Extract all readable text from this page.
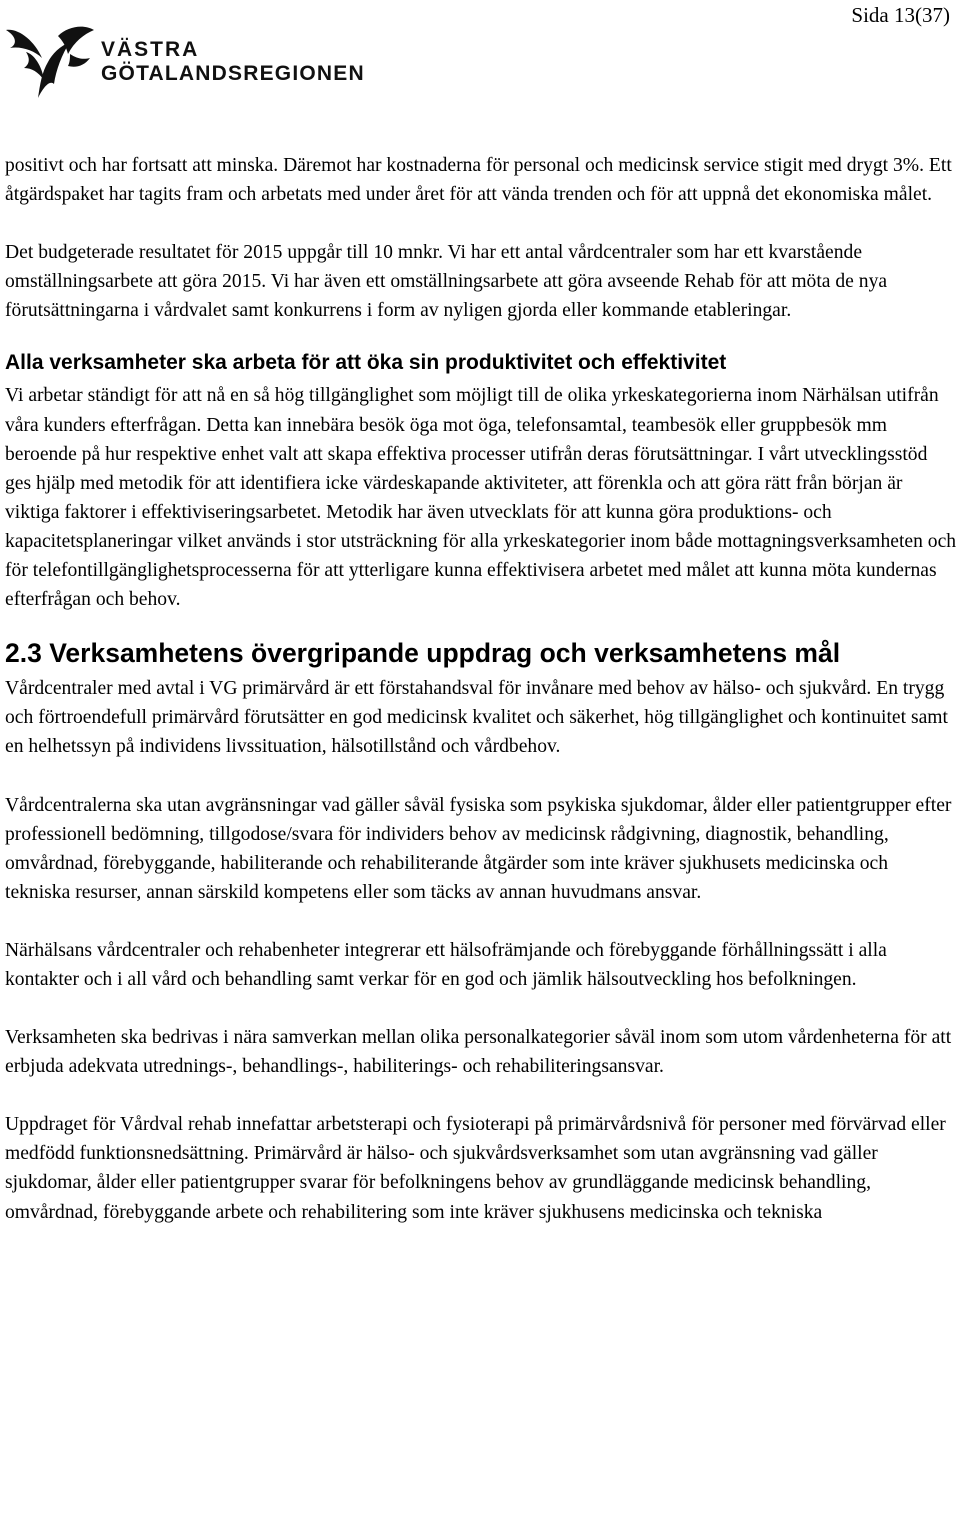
Sida 13(37)
VÄSTRA
GÖTALANDSREGIONEN

positivt och har fortsatt att minska. Däremot har kostnaderna för personal och medicinsk service stigit med drygt 3%. Ett åtgärdspaket har tagits fram och arbetats med under året för att vända trenden och för att uppnå det ekonomiska målet.

Det budgeterade resultatet för 2015 uppgår till 10 mnkr. Vi har ett antal vårdcentraler som har ett kvarstående omställningsarbete att göra 2015. Vi har även ett omställningsarbete att göra avseende Rehab för att möta de nya förutsättningarna i vårdvalet samt konkurrens i form av nyligen gjorda eller kommande etableringar.

Alla verksamheter ska arbeta för att öka sin produktivitet och effektivitet

Vi arbetar ständigt för att nå en så hög tillgänglighet som möjligt till de olika yrkeskategorierna inom Närhälsan utifrån våra kunders efterfrågan. Detta kan innebära besök öga mot öga, telefonsamtal, teambesök eller gruppbesök mm beroende på hur respektive enhet valt att skapa effektiva processer utifrån deras förutsättningar. I vårt utvecklingsstöd ges hjälp med metodik för att identifiera icke värdeskapande aktiviteter, att förenkla och att göra rätt från början är viktiga faktorer i effektiviseringsarbetet. Metodik har även utvecklats för att kunna göra produktions- och kapacitetsplaneringar vilket används i stor utsträckning för alla yrkeskategorier inom både mottagningsverksamheten och för telefontillgänglighetsprocesserna för att ytterligare kunna effektivisera arbetet med målet att kunna möta kundernas efterfrågan och behov.

2.3 Verksamhetens övergripande uppdrag och verksamhetens mål

Vårdcentraler med avtal i VG primärvård är ett förstahandsval för invånare med behov av hälso- och sjukvård. En trygg och förtroendefull primärvård förutsätter en god medicinsk kvalitet och säkerhet, hög tillgänglighet och kontinuitet samt en helhetssyn på individens livssituation, hälsotillstånd och vårdbehov.

Vårdcentralerna ska utan avgränsningar vad gäller såväl fysiska som psykiska sjukdomar, ålder eller patientgrupper efter professionell bedömning, tillgodose/svara för individers behov av medicinsk rådgivning, diagnostik, behandling, omvårdnad, förebyggande, habiliterande och rehabiliterande åtgärder som inte kräver sjukhusets medicinska och tekniska resurser, annan särskild kompetens eller som täcks av annan huvudmans ansvar.

Närhälsans vårdcentraler och rehabenheter integrerar ett hälsofrämjande och förebyggande förhållningssätt i alla kontakter och i all vård och behandling samt verkar för en god och jämlik hälsoutveckling hos befolkningen.

Verksamheten ska bedrivas i nära samverkan mellan olika personalkategorier såväl inom som utom vårdenheterna för att erbjuda adekvata utrednings-, behandlings-, habiliterings- och rehabiliteringsansvar.

Uppdraget för Vårdval rehab innefattar arbetsterapi och fysioterapi på primärvårdsnivå för personer med förvärvad eller medfödd funktionsnedsättning. Primärvård är hälso- och sjukvårdsverksamhet som utan avgränsning vad gäller sjukdomar, ålder eller patientgrupper svarar för befolkningens behov av grundläggande medicinsk behandling, omvårdnad, förebyggande arbete och rehabilitering som inte kräver sjukhusens medicinska och tekniska
